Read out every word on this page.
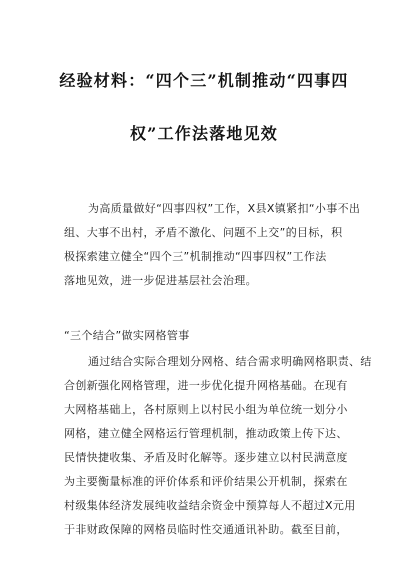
经验材料：“四个三”机制推动“四事四
权”工作法落地见效
为高质量做好“四事四权”工作，X县X镇紧扣“小事不出
组、大事不出村，矛盾不激化、问题不上交”的目标，积
极探索建立健全“四个三”机制推动“四事四权”工作法
落地见效，进一步促进基层社会治理。
“三个结合”做实网格管事
通过结合实际合理划分网格、结合需求明确网格职责、结
合创新强化网格管理，进一步优化提升网格基础。在现有
大网格基础上，各村原则上以村民小组为单位统一划分小
网格，建立健全网格运行管理机制，推动政策上传下达、
民情快捷收集、矛盾及时化解等。逐步建立以村民满意度
为主要衡量标准的评价体系和评价结果公开机制，探索在
村级集体经济发展纯收益结余资金中预算每人不超过X元用
于非财政保障的网格员临时性交通通讯补助。截至目前，
